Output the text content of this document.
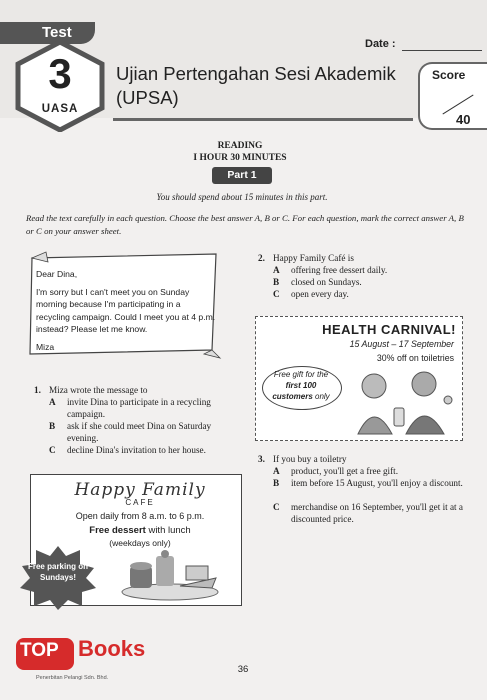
Test
3
UASA
Date :
Ujian Pertengahan Sesi Akademik
(UPSA)
Score
40
READING
I HOUR 30 MINUTES
Part 1
You should spend about 15 minutes in this part.
Read the text carefully in each question. Choose the best answer A, B or C. For each question, mark the correct answer A, B or C on your answer sheet.
Dear Dina,
I'm sorry but I can't meet you on Sunday morning because I'm participating in a recycling campaign. Could I meet you at 4 p.m. instead? Please let me know.
Miza
1. Miza wrote the message to
A invite Dina to participate in a recycling campaign.
B ask if she could meet Dina on Saturday evening.
C decline Dina's invitation to her house.
Happy Family
CAFE
Open daily from 8 a.m. to 6 p.m.
Free dessert with lunch
(weekdays only)
Free parking on Sundays!
2. Happy Family Café is
A offering free dessert daily.
B closed on Sundays.
C open every day.
HEALTH CARNIVAL!
15 August – 17 September
30% off on toiletries
Free gift for the
first 100
customers only
3. If you buy a toiletry
A product, you'll get a free gift.
B item before 15 August, you'll enjoy a discount.
C merchandise on 16 September, you'll get it at a discounted price.
36
TOP Books
Penerbitan Pelangi Sdn. Bhd.
